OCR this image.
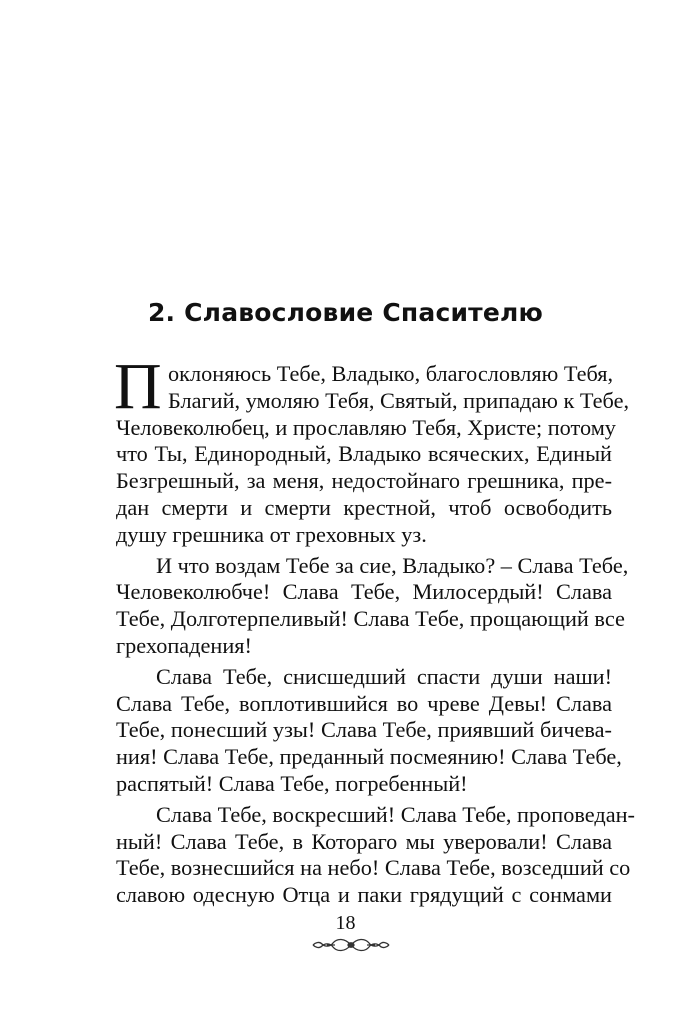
2. Славословие Спасителю

П оклоняюсь Тебе, Владыко, благословляю Тебя,
Благий, умоляю Тебя, Святый, припадаю к Тебе,
Человеколюбец, и прославляю Тебя, Христе; потому
что Ты, Единородный, Владыко всяческих, Единый
Безгрешный, за меня, недостойнаго грешника, пре-
дан смерти и смерти крестной, чтоб освободить
душу грешника от греховных уз.

И что воздам Тебе за сие, Владыко? – Слава Тебе,
Человеколюбче! Слава Тебе, Милосердый! Слава
Тебе, Долготерпеливый! Слава Тебе, прощающий все
грехопадения!

Слава Тебе, снисшедший спасти души наши!
Слава Тебе, воплотившийся во чреве Девы! Слава
Тебе, понесший узы! Слава Тебе, приявший бичева-
ния! Слава Тебе, преданный посмеянию! Слава Тебе,
распятый! Слава Тебе, погребенный!

Слава Тебе, воскресший! Слава Тебе, проповедан-
ный! Слава Тебе, в Котораго мы уверовали! Слава
Тебе, вознесшийся на небо! Слава Тебе, возседший со
славою одесную Отца и паки грядущий с сонмами

18
